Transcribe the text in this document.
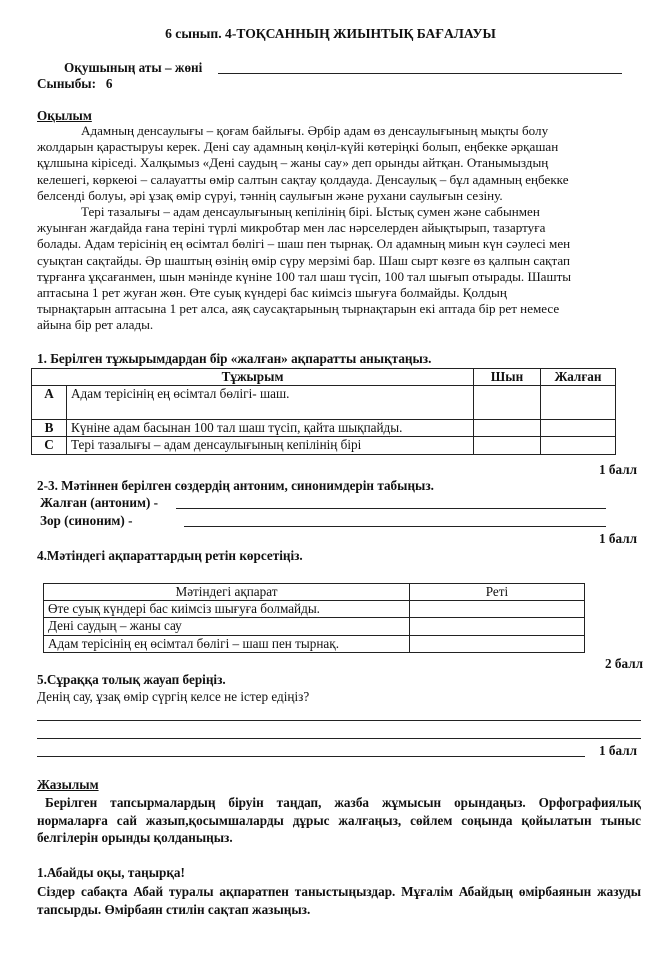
6 сынып. 4-ТОҚСАННЫҢ ЖИЫНТЫҚ БАҒАЛАУЫ
Оқушының аты – жөні
Сыныбы: 6
Оқылым

Адамның денсаулығы – қоғам байлығы. Әрбір адам өз денсаулығының мықты болу

жолдарын қарастыруы керек. Дені сау адамның көңіл-күйі көтеріңкі болып, еңбекке әрқашан

құлшына кіріседі. Халқымыз «Дені саудың – жаны сау» деп орынды айтқан. Отанымыздың

келешегі, көркеюі – салауатты өмір салтын сақтау қолдауда. Денсаулық – бұл адамның еңбекке

белсенді болуы, әрі ұзақ өмір сүруі, тәннің саулығын және рухани саулығын сезіну.

Тері тазалығы – адам денсаулығының кепілінің бірі. Ыстық сумен және сабынмен

жуынған жағдайда ғана теріні түрлі микробтар мен лас нәрселерден айықтырып, тазартуға

болады. Адам терісінің ең өсімтал бөлігі – шаш пен тырнақ. Ол адамның миын күн сәулесі мен

суықтан сақтайды. Әр шаштың өзінің өмір сүру мерзімі бар. Шаш сырт көзге өз қалпын сақтап

тұрғанға ұқсағанмен, шын мәнінде күніне 100 тал шаш түсіп, 100 тал шығып отырады. Шашты

аптасына 1 рет жуған жөн. Өте суық күндері бас киімсіз шығуға болмайды. Қолдың

тырнақтарын аптасына 1 рет алса, аяқ саусақтарының тырнақтарын екі аптада бір рет немесе

айына бір рет алады.

1. Берілген тұжырымдардан бір «жалған» ақпаратты анықтаңыз.
Тұжырым		Шын	Жалған
А	Адам терісінің ең өсімтал бөлігі- шаш.		
В	Күніне адам басынан 100 тал шаш түсіп, қайта шықпайды.		
С	Тері тазалығы – адам денсаулығының кепілінің бірі		
1 балл
2-3. Мәтіннен берілген сөздердің антоним, синонимдерін табыңыз.
Жалған (антоним) -
Зор (синоним) -
1 балл
4.Мәтіндегі ақпараттардың ретін көрсетіңіз.
Мәтіндегі ақпарат	Реті
Өте суық күндері бас киімсіз шығуға болмайды.	
Дені саудың – жаны сау	
Адам терісінің ең өсімтал бөлігі – шаш пен тырнақ.	
2 балл
5.Сұраққа толық жауап беріңіз.
Денің сау, ұзақ өмір сүргің келсе не істер едіңіз?
1 балл
Жазылым
Берілген тапсырмалардың біруін таңдап, жазба жұмысын орындаңыз. Орфографиялық нормаларға сай жазып,қосымшаларды дұрыс жалғаңыз, сөйлем соңында қойылатын тыныс белгілерін орынды қолданыңыз.
1.Абайды оқы, таңырқа!
Сіздер сабақта Абай туралы ақпаратпен таныстыңыздар. Мұғалім Абайдың өмірбаянын жазуды тапсырды. Өмірбаян стилін сақтап жазыңыз.
